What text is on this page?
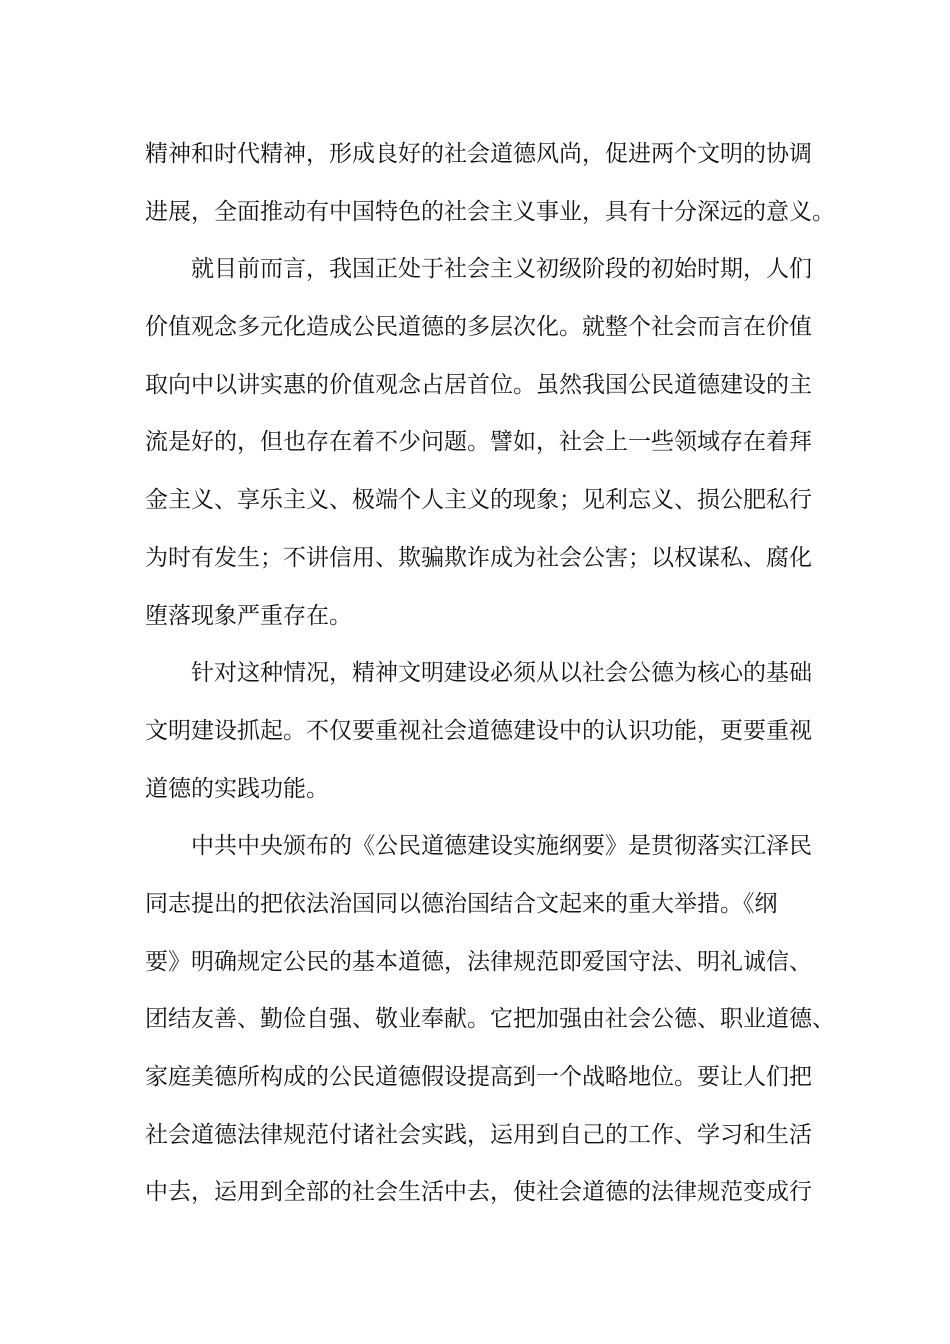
精神和时代精神，形成良好的社会道德风尚，促进两个文明的协调
进展，全面推动有中国特色的社会主义事业，具有十分深远的意义。
就目前而言，我国正处于社会主义初级阶段的初始时期，人们
价值观念多元化造成公民道德的多层次化。就整个社会而言在价值
取向中以讲实惠的价值观念占居首位。虽然我国公民道德建设的主
流是好的，但也存在着不少问题。譬如，社会上一些领域存在着拜
金主义、享乐主义、极端个人主义的现象；见利忘义、损公肥私行
为时有发生；不讲信用、欺骗欺诈成为社会公害；以权谋私、腐化
堕落现象严重存在。
针对这种情况，精神文明建设必须从以社会公德为核心的基础
文明建设抓起。不仅要重视社会道德建设中的认识功能，更要重视
道德的实践功能。
中共中央颁布的《公民道德建设实施纲要》是贯彻落实江泽民
同志提出的把依法治国同以德治国结合文起来的重大举措。《纲
要》明确规定公民的基本道德，法律规范即爱国守法、明礼诚信、
团结友善、勤俭自强、敬业奉献。它把加强由社会公德、职业道德、
家庭美德所构成的公民道德假设提高到一个战略地位。要让人们把
社会道德法律规范付诸社会实践，运用到自己的工作、学习和生活
中去，运用到全部的社会生活中去，使社会道德的法律规范变成行
